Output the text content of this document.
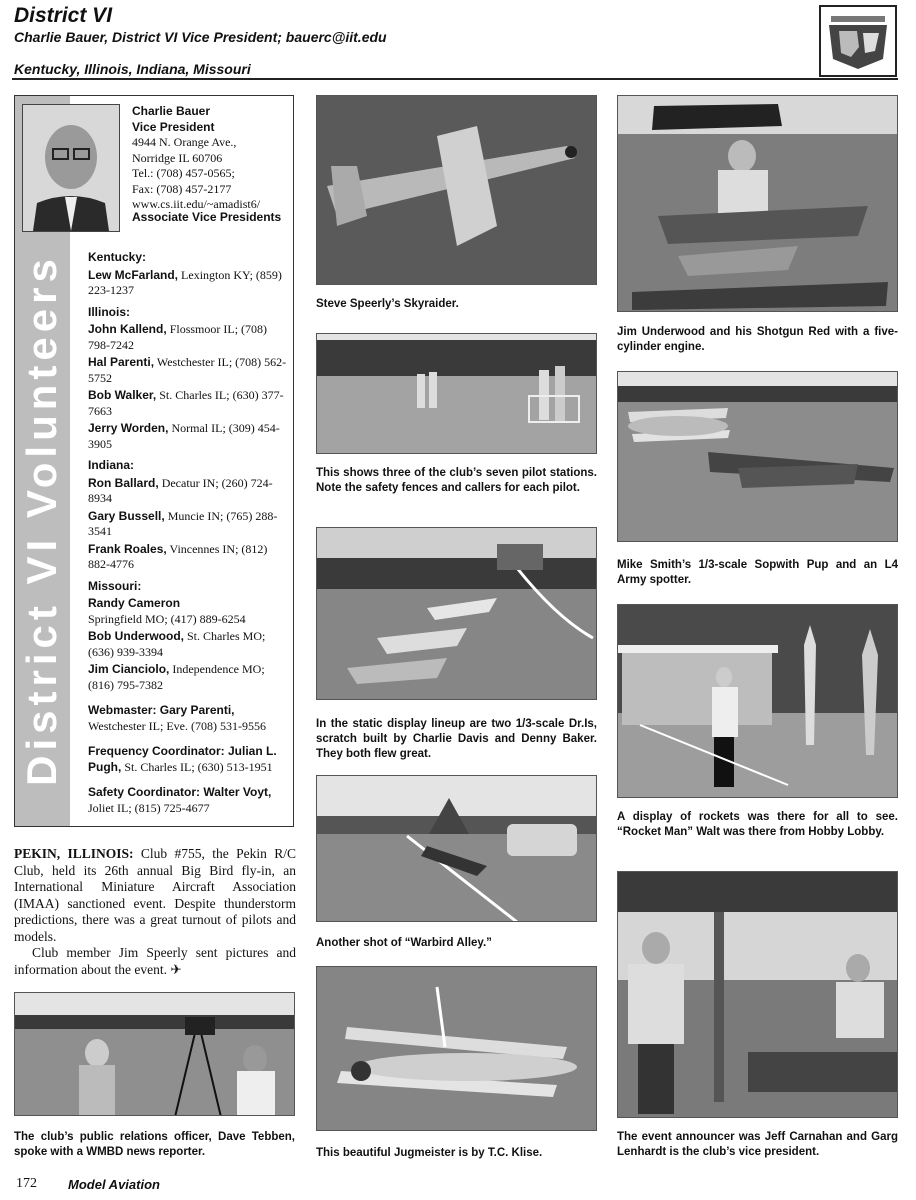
District VI
Charlie Bauer, District VI Vice President; bauerc@iit.edu
Kentucky, Illinois, Indiana, Missouri
District VI Volunteers
Charlie Bauer
Vice President
4944 N. Orange Ave.,
Norridge IL 60706
Tel.: (708) 457-0565;
Fax: (708) 457-2177
www.cs.iit.edu/~amadist6/
Associate Vice Presidents
Kentucky:
Lew McFarland, Lexington KY; (859) 223-1237
Illinois:
John Kallend, Flossmoor IL; (708) 798-7242
Hal Parenti, Westchester IL; (708) 562-5752
Bob Walker, St. Charles IL; (630) 377-7663
Jerry Worden, Normal IL; (309) 454-3905
Indiana:
Ron Ballard, Decatur IN; (260) 724-8934
Gary Bussell, Muncie IN; (765) 288-3541
Frank Roales, Vincennes IN; (812) 882-4776
Missouri:
Randy Cameron
Springfield MO; (417) 889-6254
Bob Underwood, St. Charles MO; (636) 939-3394
Jim Cianciolo, Independence MO; (816) 795-7382
Webmaster: Gary Parenti, Westchester IL; Eve. (708) 531-9556
Frequency Coordinator: Julian L. Pugh, St. Charles IL; (630) 513-1951
Safety Coordinator: Walter Voyt, Joliet IL; (815) 725-4677
PEKIN, ILLINOIS: Club #755, the Pekin R/C Club, held its 26th annual Big Bird fly-in, an International Miniature Aircraft Association (IMAA) sanctioned event. Despite thunderstorm predictions, there was a great turnout of pilots and models.
Club member Jim Speerly sent pictures and information about the event. ✈
The club’s public relations officer, Dave Tebben, spoke with a WMBD news reporter.
Steve Speerly’s Skyraider.
This shows three of the club’s seven pilot stations. Note the safety fences and callers for each pilot.
In the static display lineup are two 1/3-scale Dr.Is, scratch built by Charlie Davis and Denny Baker. They both flew great.
Another shot of “Warbird Alley.”
This beautiful Jugmeister is by T.C. Klise.
Jim Underwood and his Shotgun Red with a five-cylinder engine.
Mike Smith’s 1/3-scale Sopwith Pup and an L4 Army spotter.
A display of rockets was there for all to see. “Rocket Man” Walt was there from Hobby Lobby.
The event announcer was Jeff Carnahan and Garg Lenhardt is the club’s vice president.
172 Model Aviation
